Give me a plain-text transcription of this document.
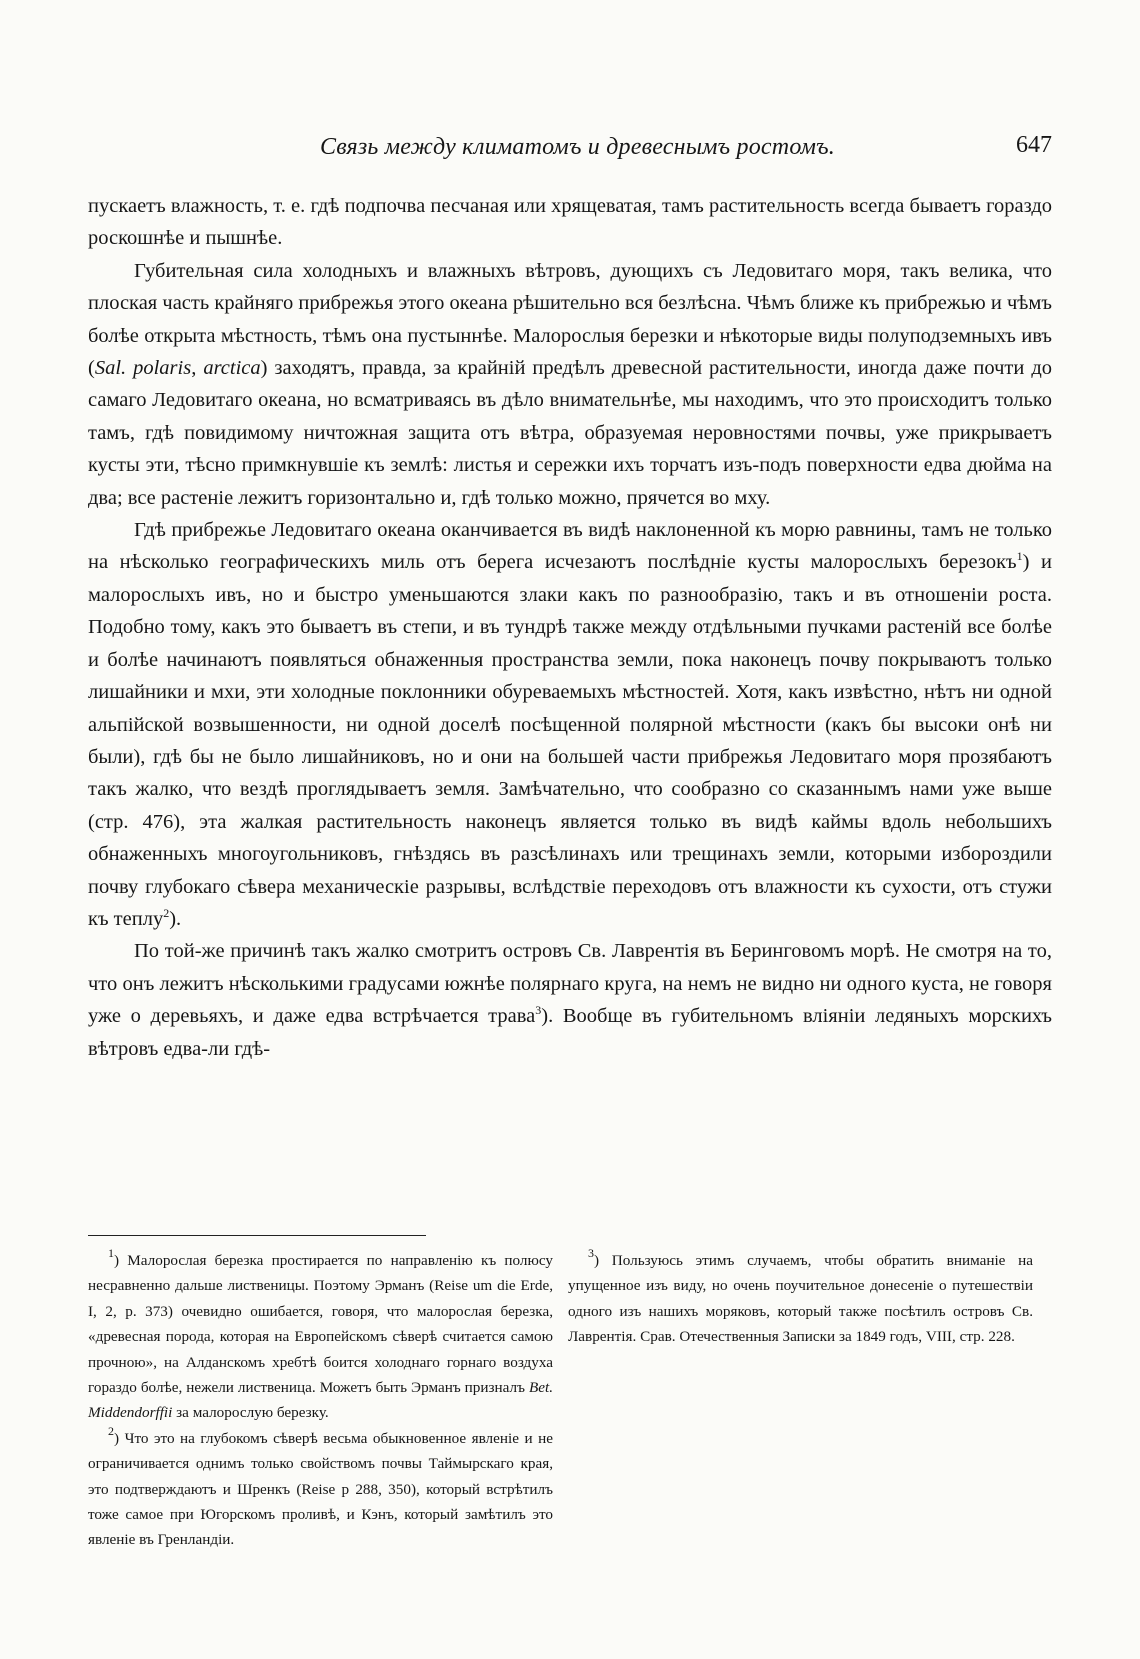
Связь между климатомъ и древеснымъ ростомъ.	647

пускаетъ влажность, т. е. гдѣ подпочва песчаная или хрящеватая, тамъ растительность всегда бываетъ гораздо роскошнѣе и пышнѣе.

Губительная сила холодныхъ и влажныхъ вѣтровъ, дующихъ съ Ледовитаго моря, такъ велика, что плоская часть крайняго прибрежья этого океана рѣшительно вся безлѣсна. Чѣмъ ближе къ прибрежью и чѣмъ болѣе открыта мѣстность, тѣмъ она пустыннѣе. Малорослыя березки и нѣкоторые виды полуподземныхъ ивъ (Sal. polaris, arctica) заходятъ, правда, за крайній предѣлъ древесной растительности, иногда даже почти до самаго Ледовитаго океана, но всматриваясь въ дѣло внимательнѣе, мы находимъ, что это происходитъ только тамъ, гдѣ повидимому ничтожная защита отъ вѣтра, образуемая неровностями почвы, уже прикрываетъ кусты эти, тѣсно примкнувшіе къ землѣ: листья и сережки ихъ торчатъ изъ-подъ поверхности едва дюйма на два; все растеніе лежитъ горизонтально и, гдѣ только можно, прячется во мху.

Гдѣ прибрежье Ледовитаго океана оканчивается въ видѣ наклоненной къ морю равнины, тамъ не только на нѣсколько географическихъ миль отъ берега исчезаютъ послѣдніе кусты малорослыхъ березокъ$^1$) и малорослыхъ ивъ, но и быстро уменьшаются злаки какъ по разнообразію, такъ и въ отношеніи роста. Подобно тому, какъ это бываетъ въ степи, и въ тундрѣ также между отдѣльными пучками растеній все болѣе и болѣе начинаютъ появляться обнаженныя пространства земли, пока наконецъ почву покрываютъ только лишайники и мхи, эти холодные поклонники обуреваемыхъ мѣстностей. Хотя, какъ извѣстно, нѣтъ ни одной альпійской возвышенности, ни одной доселѣ посѣщенной полярной мѣстности (какъ бы высоки онѣ ни были), гдѣ бы не было лишайниковъ, но и они на большей части прибрежья Ледовитаго моря прозябаютъ такъ жалко, что вездѣ проглядываетъ земля. Замѣчательно, что сообразно со сказаннымъ нами уже выше (стр. 476), эта жалкая растительность наконецъ является только въ видѣ каймы вдоль небольшихъ обнаженныхъ многоугольниковъ, гнѣздясь въ разсѣлинахъ или трещинахъ земли, которыми избороздили почву глубокаго сѣвера механическіе разрывы, вслѣдствіе переходовъ отъ влажности къ сухости, отъ стужи къ теплу$^2$).

По той-же причинѣ такъ жалко смотритъ островъ Св. Лаврентія въ Беринговомъ морѣ. Не смотря на то, что онъ лежитъ нѣсколькими градусами южнѣе полярнаго круга, на немъ не видно ни одного куста, не говоря уже о деревьяхъ, и даже едва встрѣчается трава$^3$). Вообще въ губительномъ вліяніи ледяныхъ морскихъ вѣтровъ едва-ли гдѣ-

$^1$) Малорослая березка простирается по направленію къ полюсу несравненно дальше лиственицы. Поэтому Эрманъ (Reise um die Erde, I, 2, p. 373) очевидно ошибается, говоря, что малорослая березка, «древесная порода, которая на Европейскомъ сѣверѣ считается самою прочною», на Алданскомъ хребтѣ боится холоднаго горнаго воздуха гораздо болѣе, нежели лиственица. Можетъ быть Эрманъ призналъ Bet. Middendorffii за малорослую березку.

$^2$) Что это на глубокомъ сѣверѣ весьма обыкновенное явленіе и не ограничивается однимъ только свойствомъ почвы Таймырскаго края, это подтверждаютъ и Шренкъ (Reise p 288, 350), который встрѣтилъ тоже самое при Югорскомъ проливѣ, и Кэнъ, который замѣтилъ это явленіе въ Гренландіи.

$^3$) Пользуюсь этимъ случаемъ, чтобы обратить вниманіе на упущенное изъ виду, но очень поучительное донесеніе о путешествіи одного изъ нашихъ моряковъ, который также посѣтилъ островъ Св. Лаврентія. Срав. Отечественныя Записки за 1849 годъ, VIII, стр. 228.
